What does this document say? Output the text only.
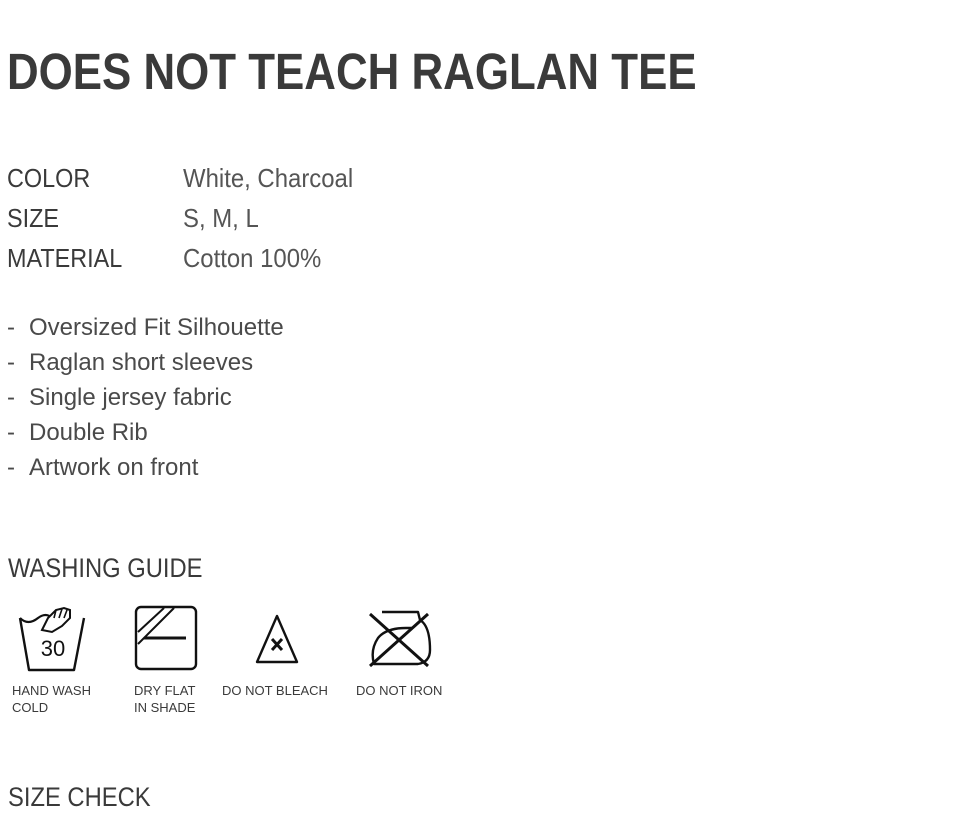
DOES NOT TEACH RAGLAN TEE
COLOR	White, Charcoal
SIZE	S, M, L
MATERIAL	Cotton 100%
- Oversized Fit Silhouette
- Raglan short sleeves
- Single jersey fabric
- Double Rib
- Artwork on front
WASHING GUIDE
30
HAND WASH
COLD
DRY FLAT
IN SHADE
DO NOT BLEACH DO NOT IRON
SIZE CHECK
